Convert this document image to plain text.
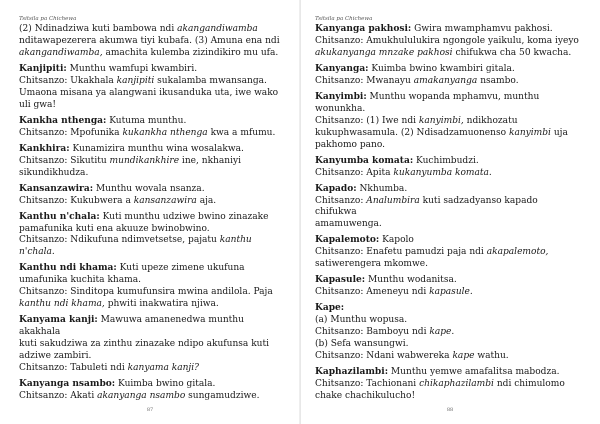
Tsitsila pa Chichewa

(2) Ndinadziwa kuti bambowa ndi akangandiwamba

nditawapezerera akumwa tiyi kubafa. (3) Amuna ena ndi

akangandiwamba, amachita kulemba zizindikiro mu ufa.

Kanjipiti: Munthu wamfupi kwambiri.

Chitsanzo: Ukakhala kanjipiti sukalamba mwansanga.

Umaona misana ya alangwani ikusanduka uta, iwe wako

uli gwa!

Kankha nthenga: Kutuma munthu.

Chitsanzo: Mpofunika kukankha nthenga kwa a mfumu.

Kankhira: Kunamizira munthu wina wosalakwa.

Chitsanzo: Sikutitu mundikankhire ine, nkhaniyi

sikundikhudza.

Kansanzawira: Munthu wovala nsanza.

Chitsanzo: Kukubwera a kansanzawira aja.

Kanthu n'chala: Kuti munthu udziwe bwino zinazake

pamafunika kuti ena akuuze bwinobwino.

Chitsanzo: Ndikufuna ndimvetsetse, pajatu kanthu

n'chala.

Kanthu ndi khama: Kuti upeze zimene ukufuna

umafunika kuchita khama.

Chitsanzo: Sinditopa kumufunsira mwina andilola. Paja

kanthu ndi khama, phwiti inakwatira njiwa.

Kanyama kanji: Mawuwa amanenedwa munthu akakhala

kuti sakudziwa za zinthu zinazake ndipo akufunsa kuti

adziwe zambiri.

Chitsanzo: Tabuleti ndi kanyama kanji?

Kanyanga nsambo: Kuimba bwino gitala.

Chitsanzo: Akati akanyanga nsambo sungamudziwe.

87
Tsitsila pa Chichewa

Kanyanga pakhosi: Gwira mwamphamvu pakhosi.

Chitsanzo: Amukhululukira ngongole yaikulu, koma iyeyo

akukanyanga mnzake pakhosi chifukwa cha 50 kwacha.

Kanyanga: Kuimba bwino kwambiri gitala.

Chitsanzo: Mwanayu amakanyanga nsambo.

Kanyimbi: Munthu wopanda mphamvu, munthu

wonunkha.

Chitsanzo: (1) Iwe ndi kanyimbi, ndikhozatu

kukuphwasamula. (2) Ndisadzamuonenso kanyimbi uja

pakhomo pano.

Kanyumba komata: Kuchimbudzi.

Chitsanzo: Apita kukanyumba komata.

Kapado: Nkhumba.

Chitsanzo: Analumbira kuti sadzadyanso kapado chifukwa

amamuwenga.

Kapalemoto: Kapolo

Chitsanzo: Enafetu pamudzi paja ndi akapalemoto,

satiwerengera mkomwe.

Kapasule: Munthu wodanitsa.

Chitsanzo: Ameneyu ndi kapasule.

Kape:

(a) Munthu wopusa.

Chitsanzo: Bamboyu ndi kape.

(b) Sefa wansungwi.

Chitsanzo: Ndani wabwereka kape wathu.

Kaphazilambi: Munthu yemwe amafalitsa mabodza.

Chitsanzo: Tachionani chikaphazilambi ndi chimulomo

chake chachikulucho!

88
